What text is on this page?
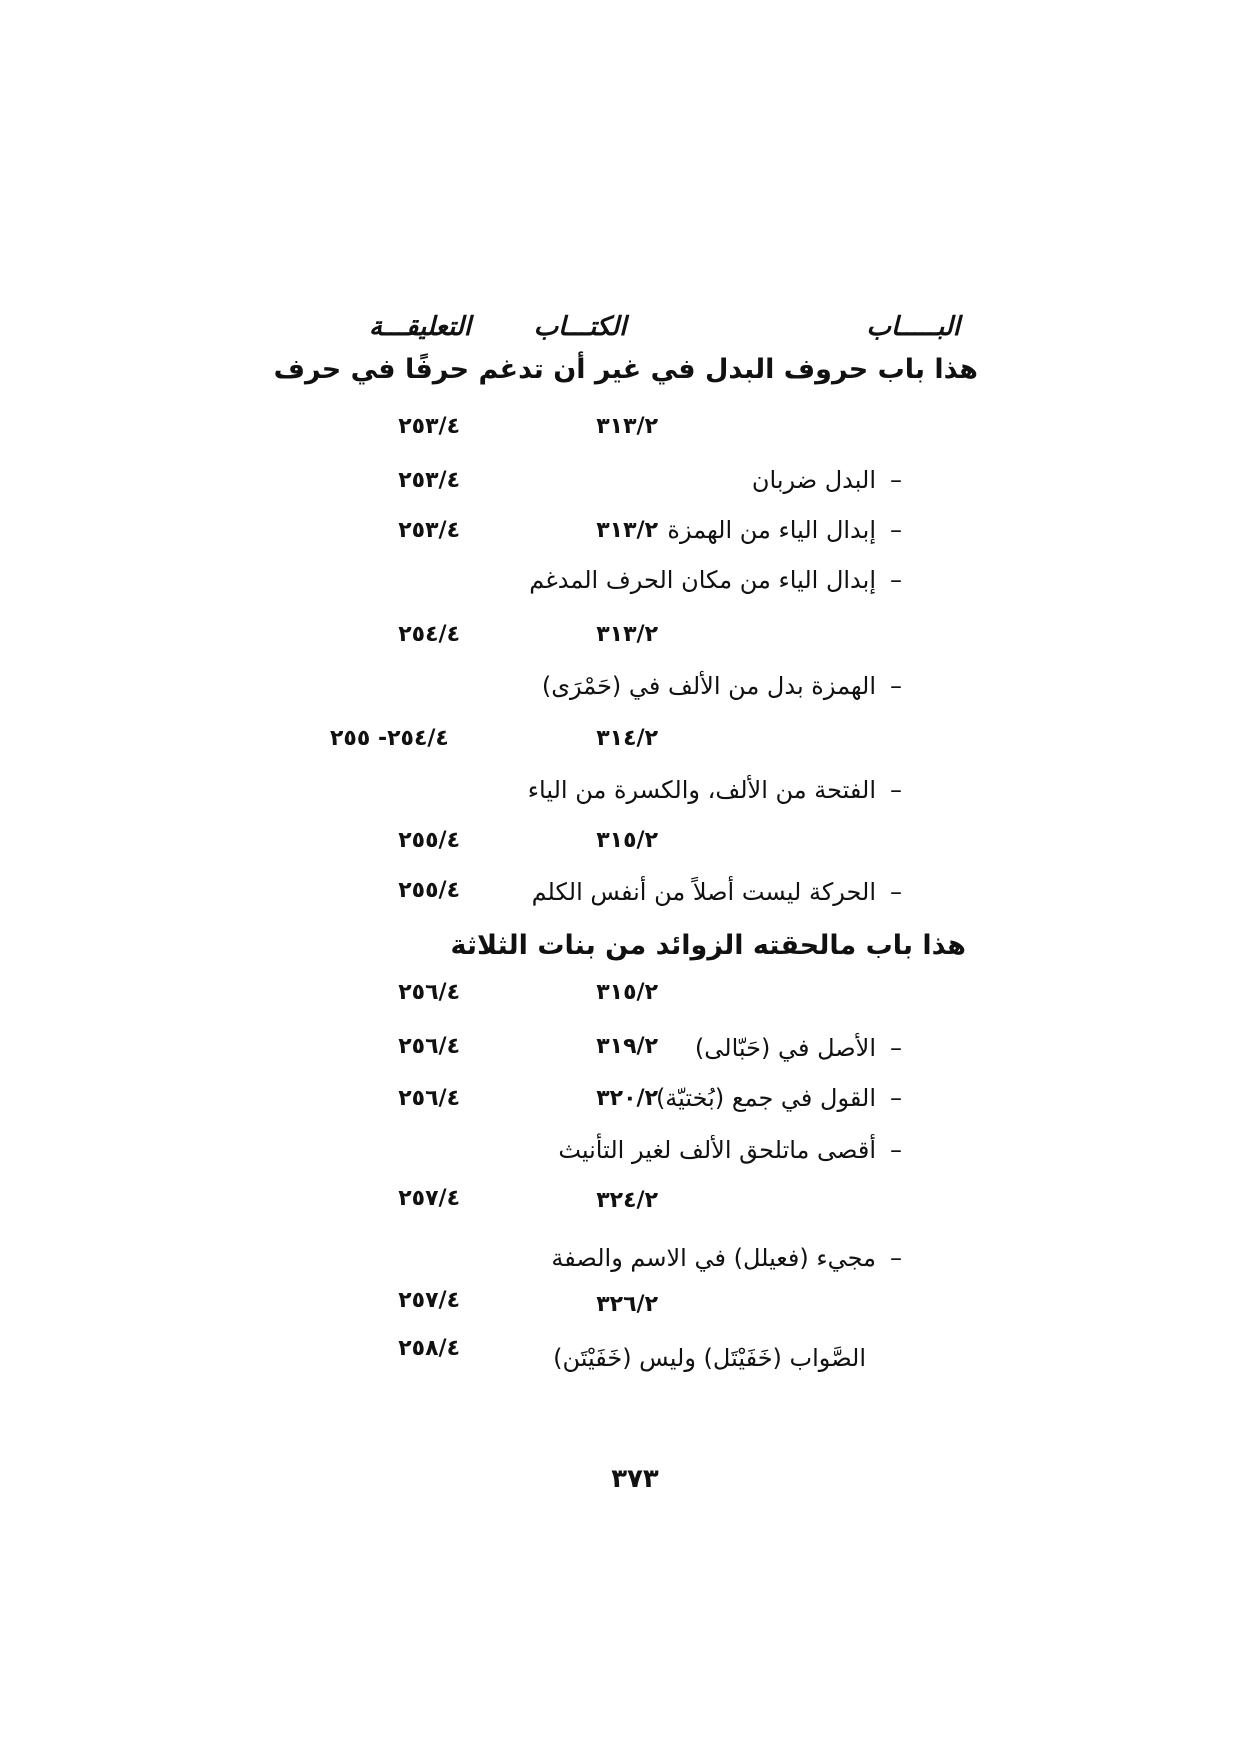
البـــــاب
الكتـــاب
التعليقـــة
هذا باب حروف البدل في غير أن تدغم حرفًا في حرف
٣١٣/٢
٢٥٣/٤
–البدل ضربان
٢٥٣/٤
–إبدال الياء من الهمزة
٣١٣/٢
٢٥٣/٤
–إبدال الياء من مكان الحرف المدغم
٣١٣/٢
٢٥٤/٤
–الهمزة بدل من الألف في (حَمْرَى)
٣١٤/٢
٢٥٤/٤- ٢٥٥
–الفتحة من الألف، والكسرة من الياء
٣١٥/٢
٢٥٥/٤
–الحركة ليست أصلاً من أنفس الكلم
٢٥٥/٤
هذا باب مالحقته الزوائد من بنات الثلاثة
٣١٥/٢
٢٥٦/٤
–الأصل في (حَبّالى)
٣١٩/٢
٢٥٦/٤
–القول في جمع (بُختيّة)
٣٢٠/٢
٢٥٦/٤
–أقصى ماتلحق الألف لغير التأنيث
٣٢٤/٢
٢٥٧/٤
–مجيء (فعيلل) في الاسم والصفة
٣٢٦/٢
٢٥٧/٤
الصَّواب (خَفَيْتَل) وليس (خَفَيْتَن)
٢٥٨/٤
٣٧٣
